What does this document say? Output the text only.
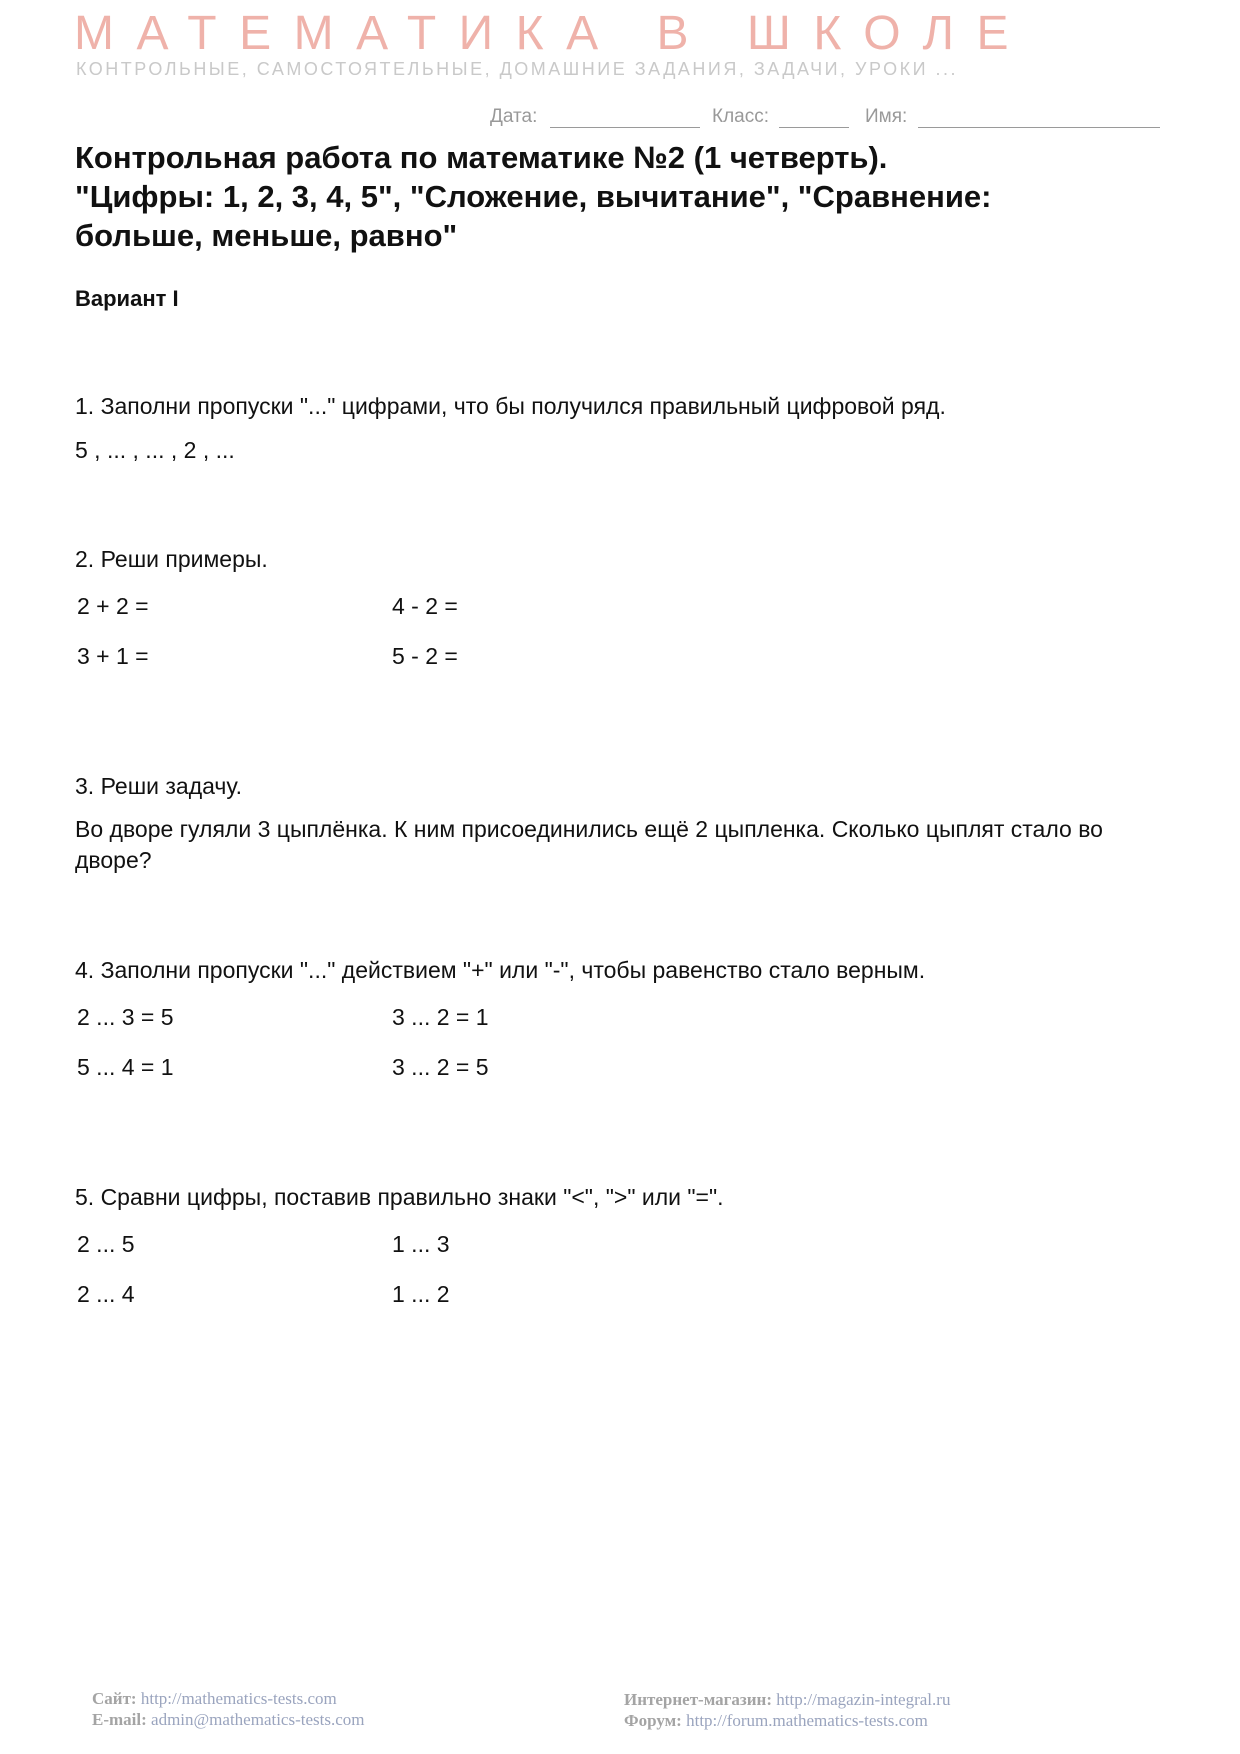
МАТЕМАТИКА В ШКОЛЕ
КОНТРОЛЬНЫЕ, САМОСТОЯТЕЛЬНЫЕ, ДОМАШНИЕ ЗАДАНИЯ, ЗАДАЧИ, УРОКИ ...
Дата:	Класс:	Имя:
Контрольная работа по математике №2 (1 четверть).
"Цифры: 1, 2, 3, 4, 5", "Сложение, вычитание", "Сравнение:
больше, меньше, равно"
Вариант I
1. Заполни пропуски "..." цифрами, что бы получился правильный цифровой ряд.
5 , ... , ... , 2 , ...
2. Реши примеры.
2 + 2 =	4 - 2 =
3 + 1 =	5 - 2 =
3. Реши задачу.
Во дворе гуляли 3 цыплёнка. К ним присоединились ещё 2 цыпленка. Сколько цыплят стало во дворе?
4. Заполни пропуски "..." действием "+" или "-", чтобы равенство стало верным.
2 ... 3 = 5	3 ... 2 = 1
5 ... 4 = 1	3 ... 2 = 5
5. Сравни цифры, поставив правильно знаки "<", ">" или "=".
2 ... 5	1 ... 3
2 ... 4	1 ... 2
Сайт: http://mathematics-tests.com
E-mail: admin@mathematics-tests.com
Интернет-магазин: http://magazin-integral.ru
Форум: http://forum.mathematics-tests.com
